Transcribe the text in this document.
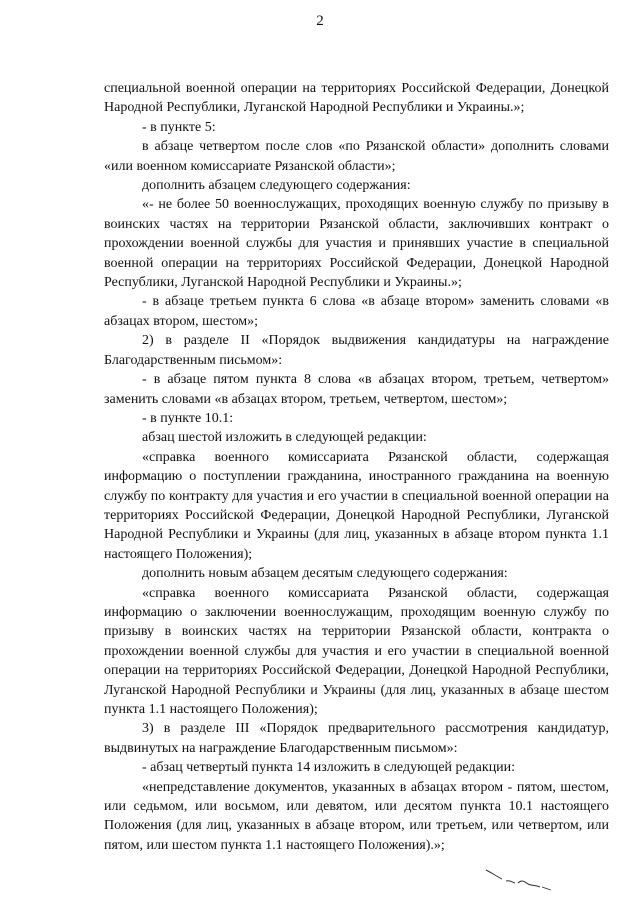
2

специальной военной операции на территориях Российской Федерации, Донецкой Народной Республики, Луганской Народной Республики и Украины.»;

- в пункте 5:

в абзаце четвертом после слов «по Рязанской области» дополнить словами «или военном комиссариате Рязанской области»;

дополнить абзацем следующего содержания:

«- не более 50 военнослужащих, проходящих военную службу по призыву в воинских частях на территории Рязанской области, заключивших контракт о прохождении военной службы для участия и принявших участие в специальной военной операции на территориях Российской Федерации, Донецкой Народной Республики, Луганской Народной Республики и Украины.»;

- в абзаце третьем пункта 6 слова «в абзаце втором» заменить словами «в абзацах втором, шестом»;

2) в разделе II «Порядок выдвижения кандидатуры на награждение Благодарственным письмом»:

- в абзаце пятом пункта 8 слова «в абзацах втором, третьем, четвертом» заменить словами «в абзацах втором, третьем, четвертом, шестом»;

- в пункте 10.1:

абзац шестой изложить в следующей редакции:

«справка военного комиссариата Рязанской области, содержащая информацию о поступлении гражданина, иностранного гражданина на военную службу по контракту для участия и его участии в специальной военной операции на территориях Российской Федерации, Донецкой Народной Республики, Луганской Народной Республики и Украины (для лиц, указанных в абзаце втором пункта 1.1 настоящего Положения);

дополнить новым абзацем десятым следующего содержания:

«справка военного комиссариата Рязанской области, содержащая информацию о заключении военнослужащим, проходящим военную службу по призыву в воинских частях на территории Рязанской области, контракта о прохождении военной службы для участия и его участии в специальной военной операции на территориях Российской Федерации, Донецкой Народной Республики, Луганской Народной Республики и Украины (для лиц, указанных в абзаце шестом пункта 1.1 настоящего Положения);

3) в разделе III «Порядок предварительного рассмотрения кандидатур, выдвинутых на награждение Благодарственным письмом»:

- абзац четвертый пункта 14 изложить в следующей редакции:

«непредставление документов, указанных в абзацах втором - пятом, шестом, или седьмом, или восьмом, или девятом, или десятом пункта 10.1 настоящего Положения (для лиц, указанных в абзаце втором, или третьем, или четвертом, или пятом, или шестом пункта 1.1 настоящего Положения).»;
